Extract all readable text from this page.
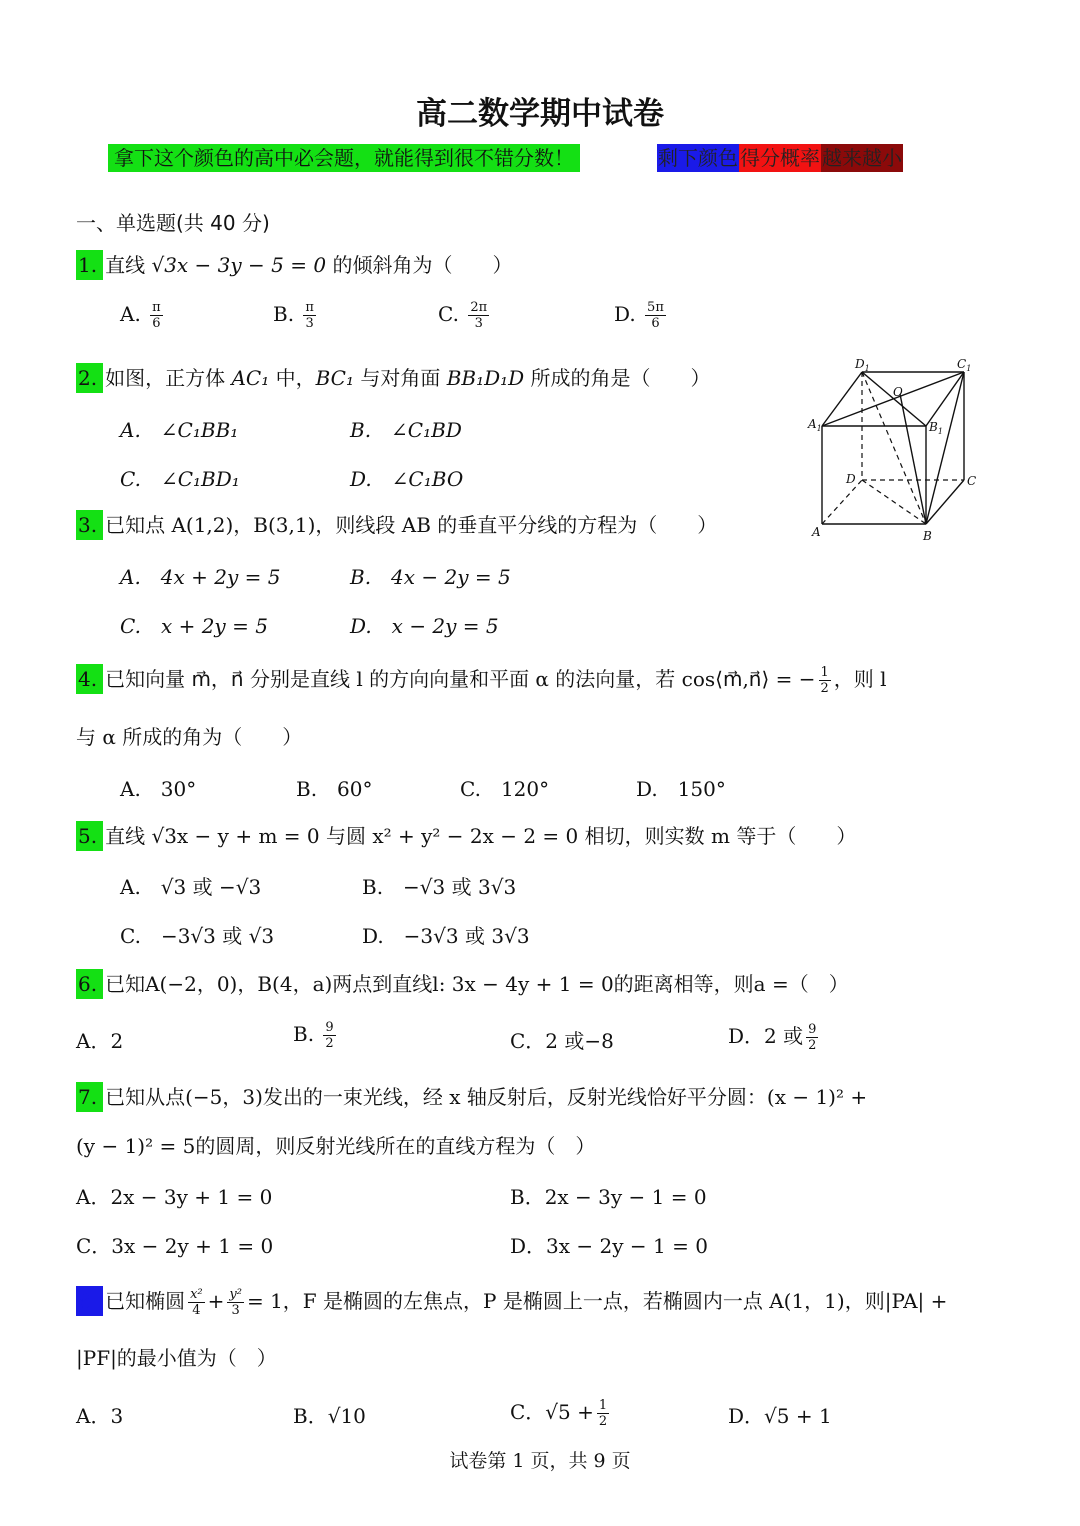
高二数学期中试卷
拿下这个颜色的高中必会题，就能得到很不错分数！	剩下颜色 得分概率 越来越小
一、单选题(共 40 分)
1. 直线 √3x − 3y − 5 = 0 的倾斜角为（　　）
A. $\frac{\pi}{6}$	B. $\frac{\pi}{3}$	C. $\frac{2\pi}{3}$	D. $\frac{5\pi}{6}$
2. 如图，正方体 AC₁ 中，BC₁ 与对角面 BB₁D₁D 所成的角是（　　）
A.　∠C₁BB₁	B.　∠C₁BD
C.　∠C₁BD₁	D.　∠C₁BO
$D_1$	$C_1$
O
$A_1$	$B_1$
D	C
A	B
3. 已知点 A(1,2)，B(3,1)，则线段 AB 的垂直平分线的方程为（　　）
A.　4x + 2y = 5	B.　4x − 2y = 5
C.　x + 2y = 5	D.　x − 2y = 5
4. 已知向量 m⃗，n⃗ 分别是直线 l 的方向向量和平面 α 的法向量，若 cos⟨m⃗,n⃗⟩ = − $\frac{1}{2}$ ，则 l
与 α 所成的角为（　　）
A.　30°	B.　60°	C.　120°	D.　150°
5. 直线 √3x − y + m = 0 与圆 x² + y² − 2x − 2 = 0 相切，则实数 m 等于（　　）
A.　√3 或 −√3	B.　−√3 或 3√3
C.　−3√3 或 √3	D.　−3√3 或 3√3
6. 已知A(−2，0)，B(4，a)两点到直线l: 3x − 4y + 1 = 0的距离相等，则a =（　）
A．2	B. $\frac{9}{2}$	C．2 或−8	D．2 或 $\frac{9}{2}$
7. 已知从点(−5，3)发出的一束光线，经 x 轴反射后，反射光线恰好平分圆：(x − 1)² +
(y − 1)² = 5的圆周，则反射光线所在的直线方程为（　）
A．2x − 3y + 1 = 0	B．2x − 3y − 1 = 0
C．3x − 2y + 1 = 0	D．3x − 2y − 1 = 0
8. 已知椭圆 $\frac{\text{x²}}{4} + \frac{\text{y²}}{3} = 1$，F 是椭圆的左焦点，P 是椭圆上一点，若椭圆内一点 A(1，1)，则|PA| +
|PF|的最小值为（　）
A．3	B．√10	C．$√5 + \frac{1}{2}$	D．√5 + 1
试卷第 1 页，共 9 页
